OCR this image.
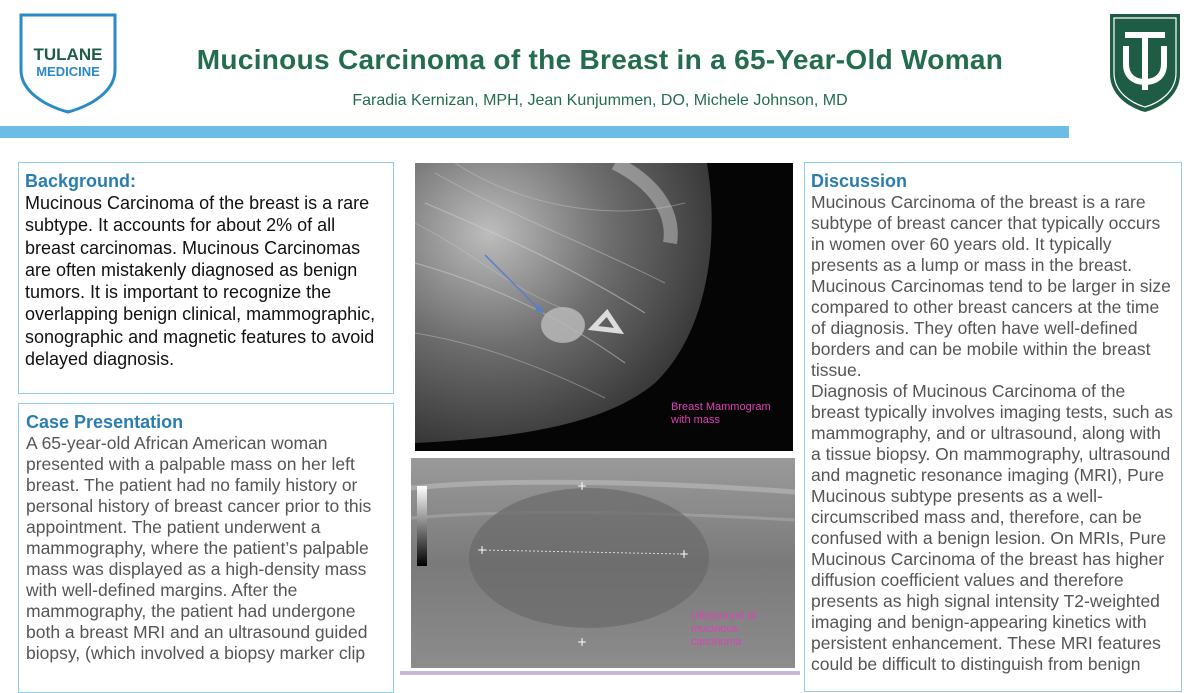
TULANE
MEDICINE	Mucinous Carcinoma of the Breast in a 65-Year-Old Woman
Faradia Kernizan, MPH, Jean Kunjummen, DO, Michele Johnson, MD
Background:
Mucinous Carcinoma of the breast is a rare subtype. It accounts for about 2% of all breast carcinomas. Mucinous Carcinomas are often mistakenly diagnosed as benign tumors. It is important to recognize the overlapping benign clinical, mammographic, sonographic and magnetic features to avoid delayed diagnosis.
Case Presentation
A 65-year-old African American woman presented with a palpable mass on her left breast. The patient had no family history or personal history of breast cancer prior to this appointment. The patient underwent a mammography, where the patient’s palpable mass was displayed as a high-density mass with well-defined margins. After the mammography, the patient had undergone both a breast MRI and an ultrasound guided biopsy, (which involved a biopsy marker clip
Breast Mammogram with mass
+	+
+
+
Ultrasound of mucinous carcinoma
Discussion
Mucinous Carcinoma of the breast is a rare subtype of breast cancer that typically occurs in women over 60 years old. It typically presents as a lump or mass in the breast. Mucinous Carcinomas tend to be larger in size compared to other breast cancers at the time of diagnosis. They often have well-defined borders and can be mobile within the breast tissue.
Diagnosis of Mucinous Carcinoma of the breast typically involves imaging tests, such as mammography, and or ultrasound, along with a tissue biopsy. On mammography, ultrasound and magnetic resonance imaging (MRI), Pure Mucinous subtype presents as a well-circumscribed mass and, therefore, can be confused with a benign lesion. On MRIs, Pure Mucinous Carcinoma of the breast has higher diffusion coefficient values and therefore presents as high signal intensity T2-weighted imaging and benign-appearing kinetics with persistent enhancement. These MRI features could be difficult to distinguish from benign
